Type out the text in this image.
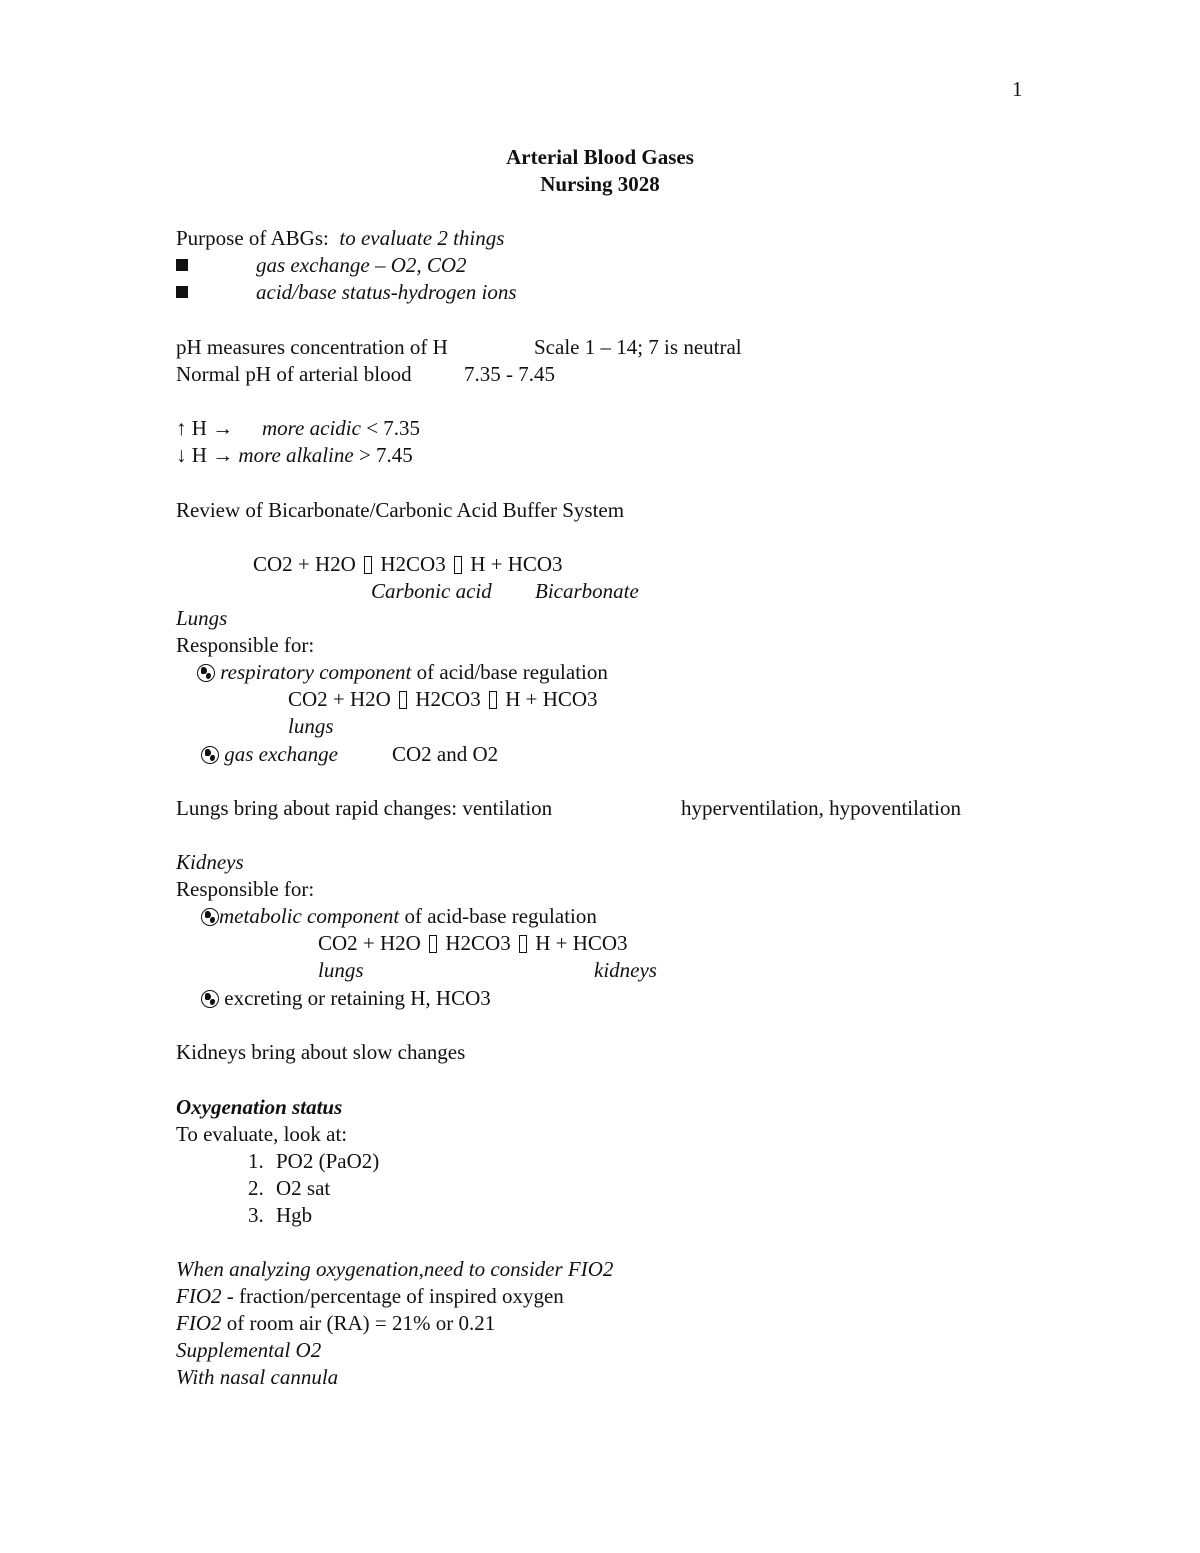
1
Arterial Blood Gases
Nursing 3028
Purpose of ABGs:  to evaluate 2 things
gas exchange – O2, CO2
acid/base status-hydrogen ions
pH measures concentration of H	Scale 1 – 14; 7 is neutral
Normal pH of arterial blood 7.35 - 7.45
↑ H → more acidic < 7.35
↓ H → more alkaline > 7.45
Review of Bicarbonate/Carbonic Acid Buffer System
CO2 + H2O  H2CO3  H + HCO3
Carbonic acid Bicarbonate
Lungs
Responsible for:
respiratory component of acid/base regulation
CO2 + H2O  H2CO3  H + HCO3
lungs
gas exchange	CO2 and O2
Lungs bring about rapid changes: ventilation	hyperventilation, hypoventilation
Kidneys
Responsible for:
metabolic component of acid-base regulation
CO2 + H2O  H2CO3  H + HCO3
lungs	kidneys
excreting or retaining H, HCO3
Kidneys bring about slow changes
Oxygenation status
To evaluate, look at:
1. PO2 (PaO2)
2. O2 sat
3. Hgb
When analyzing oxygenation,need to consider FIO2
FIO2 - fraction/percentage of inspired oxygen
FIO2 of room air (RA) = 21% or 0.21
Supplemental O2
With nasal cannula
